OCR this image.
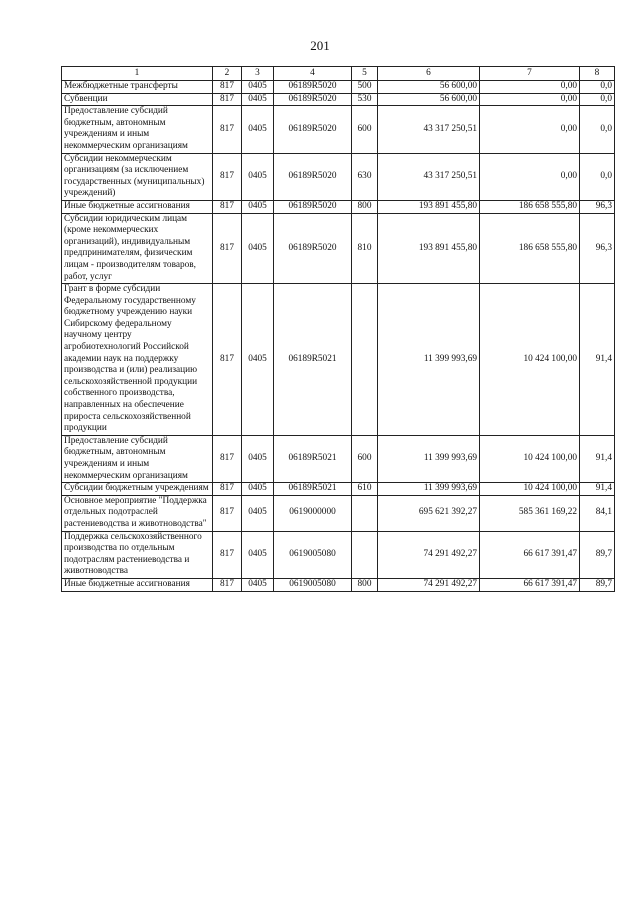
201
1	2	3	4	5	6	7	8
Межбюджетные трансферты	817	0405	06189R5020	500	56 600,00	0,00	0,0
Субвенции	817	0405	06189R5020	530	56 600,00	0,00	0,0
Предоставление субсидий бюджетным, автономным учреждениям и иным некоммерческим организациям	817	0405	06189R5020	600	43 317 250,51	0,00	0,0
Субсидии некоммерческим организациям (за исключением государственных (муниципальных) учреждений)	817	0405	06189R5020	630	43 317 250,51	0,00	0,0
Иные бюджетные ассигнования	817	0405	06189R5020	800	193 891 455,80	186 658 555,80	96,3
Субсидии юридическим лицам (кроме некоммерческих организаций), индивидуальным предпринимателям, физическим лицам - производителям товаров, работ, услуг	817	0405	06189R5020	810	193 891 455,80	186 658 555,80	96,3
Грант в форме субсидии Федеральному государственному бюджетному учреждению науки Сибирскому федеральному научному центру агробиотехнологий Российской академии наук на поддержку производства и (или) реализацию сельскохозяйственной продукции собственного производства, направленных на обеспечение прироста сельскохозяйственной продукции	817	0405	06189R5021		11 399 993,69	10 424 100,00	91,4
Предоставление субсидий бюджетным, автономным учреждениям и иным некоммерческим организациям	817	0405	06189R5021	600	11 399 993,69	10 424 100,00	91,4
Субсидии бюджетным учреждениям	817	0405	06189R5021	610	11 399 993,69	10 424 100,00	91,4
Основное мероприятие "Поддержка отдельных подотраслей растениеводства и животноводства"	817	0405	0619000000		695 621 392,27	585 361 169,22	84,1
Поддержка сельскохозяйственного производства по отдельным подотраслям растениеводства и животноводства	817	0405	0619005080		74 291 492,27	66 617 391,47	89,7
Иные бюджетные ассигнования	817	0405	0619005080	800	74 291 492,27	66 617 391,47	89,7
